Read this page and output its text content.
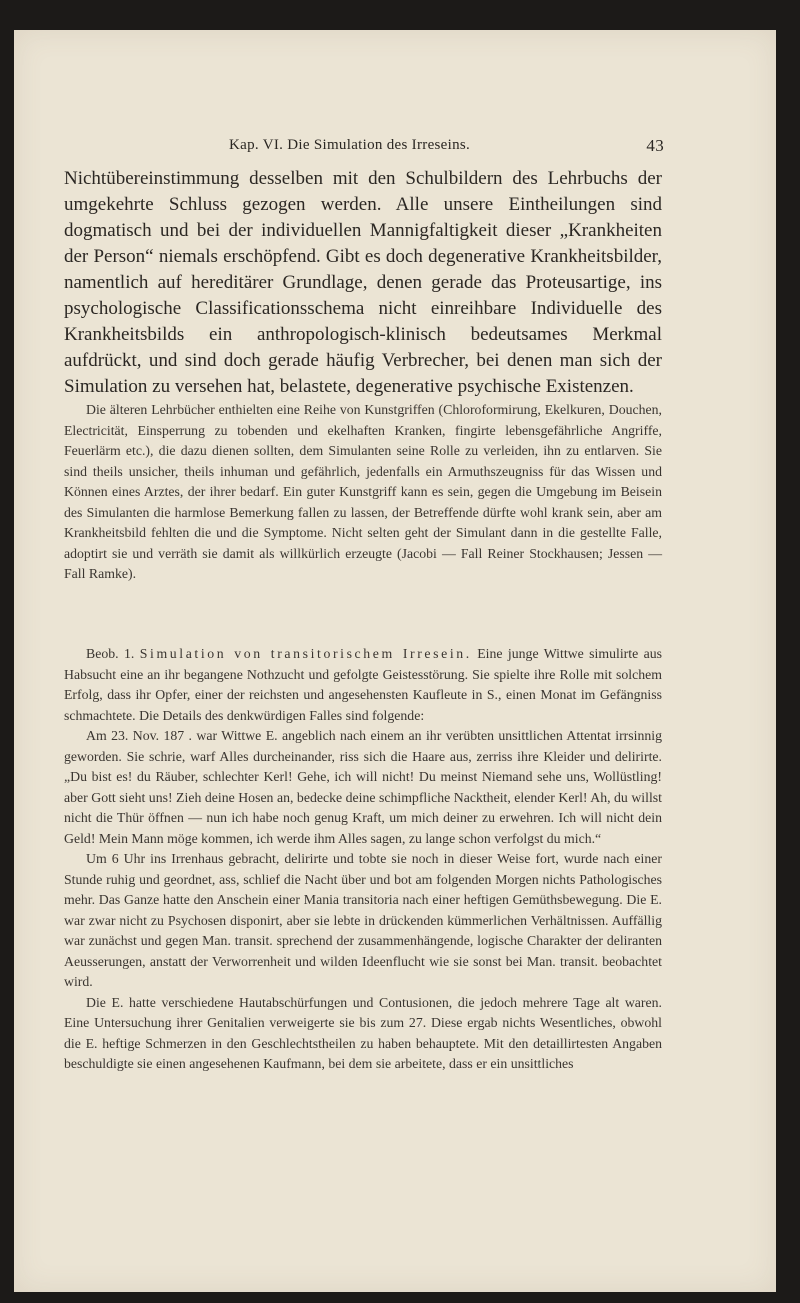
Kap. VI. Die Simulation des Irreseins.	43

Nichtübereinstimmung desselben mit den Schulbildern des Lehrbuchs der umgekehrte Schluss gezogen werden. Alle unsere Eintheilungen sind dogmatisch und bei der individuellen Mannigfaltigkeit dieser „Krankheiten der Person“ niemals erschöpfend. Gibt es doch degenerative Krankheitsbilder, namentlich auf hereditärer Grundlage, denen gerade das Proteusartige, ins psychologische Classificationsschema nicht einreihbare Individuelle des Krankheitsbilds ein anthropologisch-klinisch bedeutsames Merkmal aufdrückt, und sind doch gerade häufig Verbrecher, bei denen man sich der Simulation zu versehen hat, belastete, degenerative psychische Existenzen.

Die älteren Lehrbücher enthielten eine Reihe von Kunstgriffen (Chloroformirung, Ekelkuren, Douchen, Electricität, Einsperrung zu tobenden und ekelhaften Kranken, fingirte lebensgefährliche Angriffe, Feuerlärm etc.), die dazu dienen sollten, dem Simulanten seine Rolle zu verleiden, ihn zu entlarven. Sie sind theils unsicher, theils inhuman und gefährlich, jedenfalls ein Armuthszeugniss für das Wissen und Können eines Arztes, der ihrer bedarf. Ein guter Kunstgriff kann es sein, gegen die Umgebung im Beisein des Simulanten die harmlose Bemerkung fallen zu lassen, der Betreffende dürfte wohl krank sein, aber am Krankheitsbild fehlten die und die Symptome. Nicht selten geht der Simulant dann in die gestellte Falle, adoptirt sie und verräth sie damit als willkürlich erzeugte (Jacobi — Fall Reiner Stockhausen; Jessen — Fall Ramke).

Beob. 1. Simulation von transitorischem Irresein. Eine junge Wittwe simulirte aus Habsucht eine an ihr begangene Nothzucht und gefolgte Geistesstörung. Sie spielte ihre Rolle mit solchem Erfolg, dass ihr Opfer, einer der reichsten und angesehensten Kaufleute in S., einen Monat im Gefängniss schmachtete. Die Details des denkwürdigen Falles sind folgende:

Am 23. Nov. 187 . war Wittwe E. angeblich nach einem an ihr verübten unsittlichen Attentat irrsinnig geworden. Sie schrie, warf Alles durcheinander, riss sich die Haare aus, zerriss ihre Kleider und delirirte. „Du bist es! du Räuber, schlechter Kerl! Gehe, ich will nicht! Du meinst Niemand sehe uns, Wollüstling! aber Gott sieht uns! Zieh deine Hosen an, bedecke deine schimpfliche Nacktheit, elender Kerl! Ah, du willst nicht die Thür öffnen — nun ich habe noch genug Kraft, um mich deiner zu erwehren. Ich will nicht dein Geld! Mein Mann möge kommen, ich werde ihm Alles sagen, zu lange schon verfolgst du mich.“

Um 6 Uhr ins Irrenhaus gebracht, delirirte und tobte sie noch in dieser Weise fort, wurde nach einer Stunde ruhig und geordnet, ass, schlief die Nacht über und bot am folgenden Morgen nichts Pathologisches mehr. Das Ganze hatte den Anschein einer Mania transitoria nach einer heftigen Gemüthsbewegung. Die E. war zwar nicht zu Psychosen disponirt, aber sie lebte in drückenden kümmerlichen Verhältnissen. Auffällig war zunächst und gegen Man. transit. sprechend der zusammenhängende, logische Charakter der deliranten Aeusserungen, anstatt der Verworrenheit und wilden Ideenflucht wie sie sonst bei Man. transit. beobachtet wird.

Die E. hatte verschiedene Hautabschürfungen und Contusionen, die jedoch mehrere Tage alt waren. Eine Untersuchung ihrer Genitalien verweigerte sie bis zum 27. Diese ergab nichts Wesentliches, obwohl die E. heftige Schmerzen in den Geschlechtstheilen zu haben behauptete. Mit den detaillirtesten Angaben beschuldigte sie einen angesehenen Kaufmann, bei dem sie arbeitete, dass er ein unsittliches
